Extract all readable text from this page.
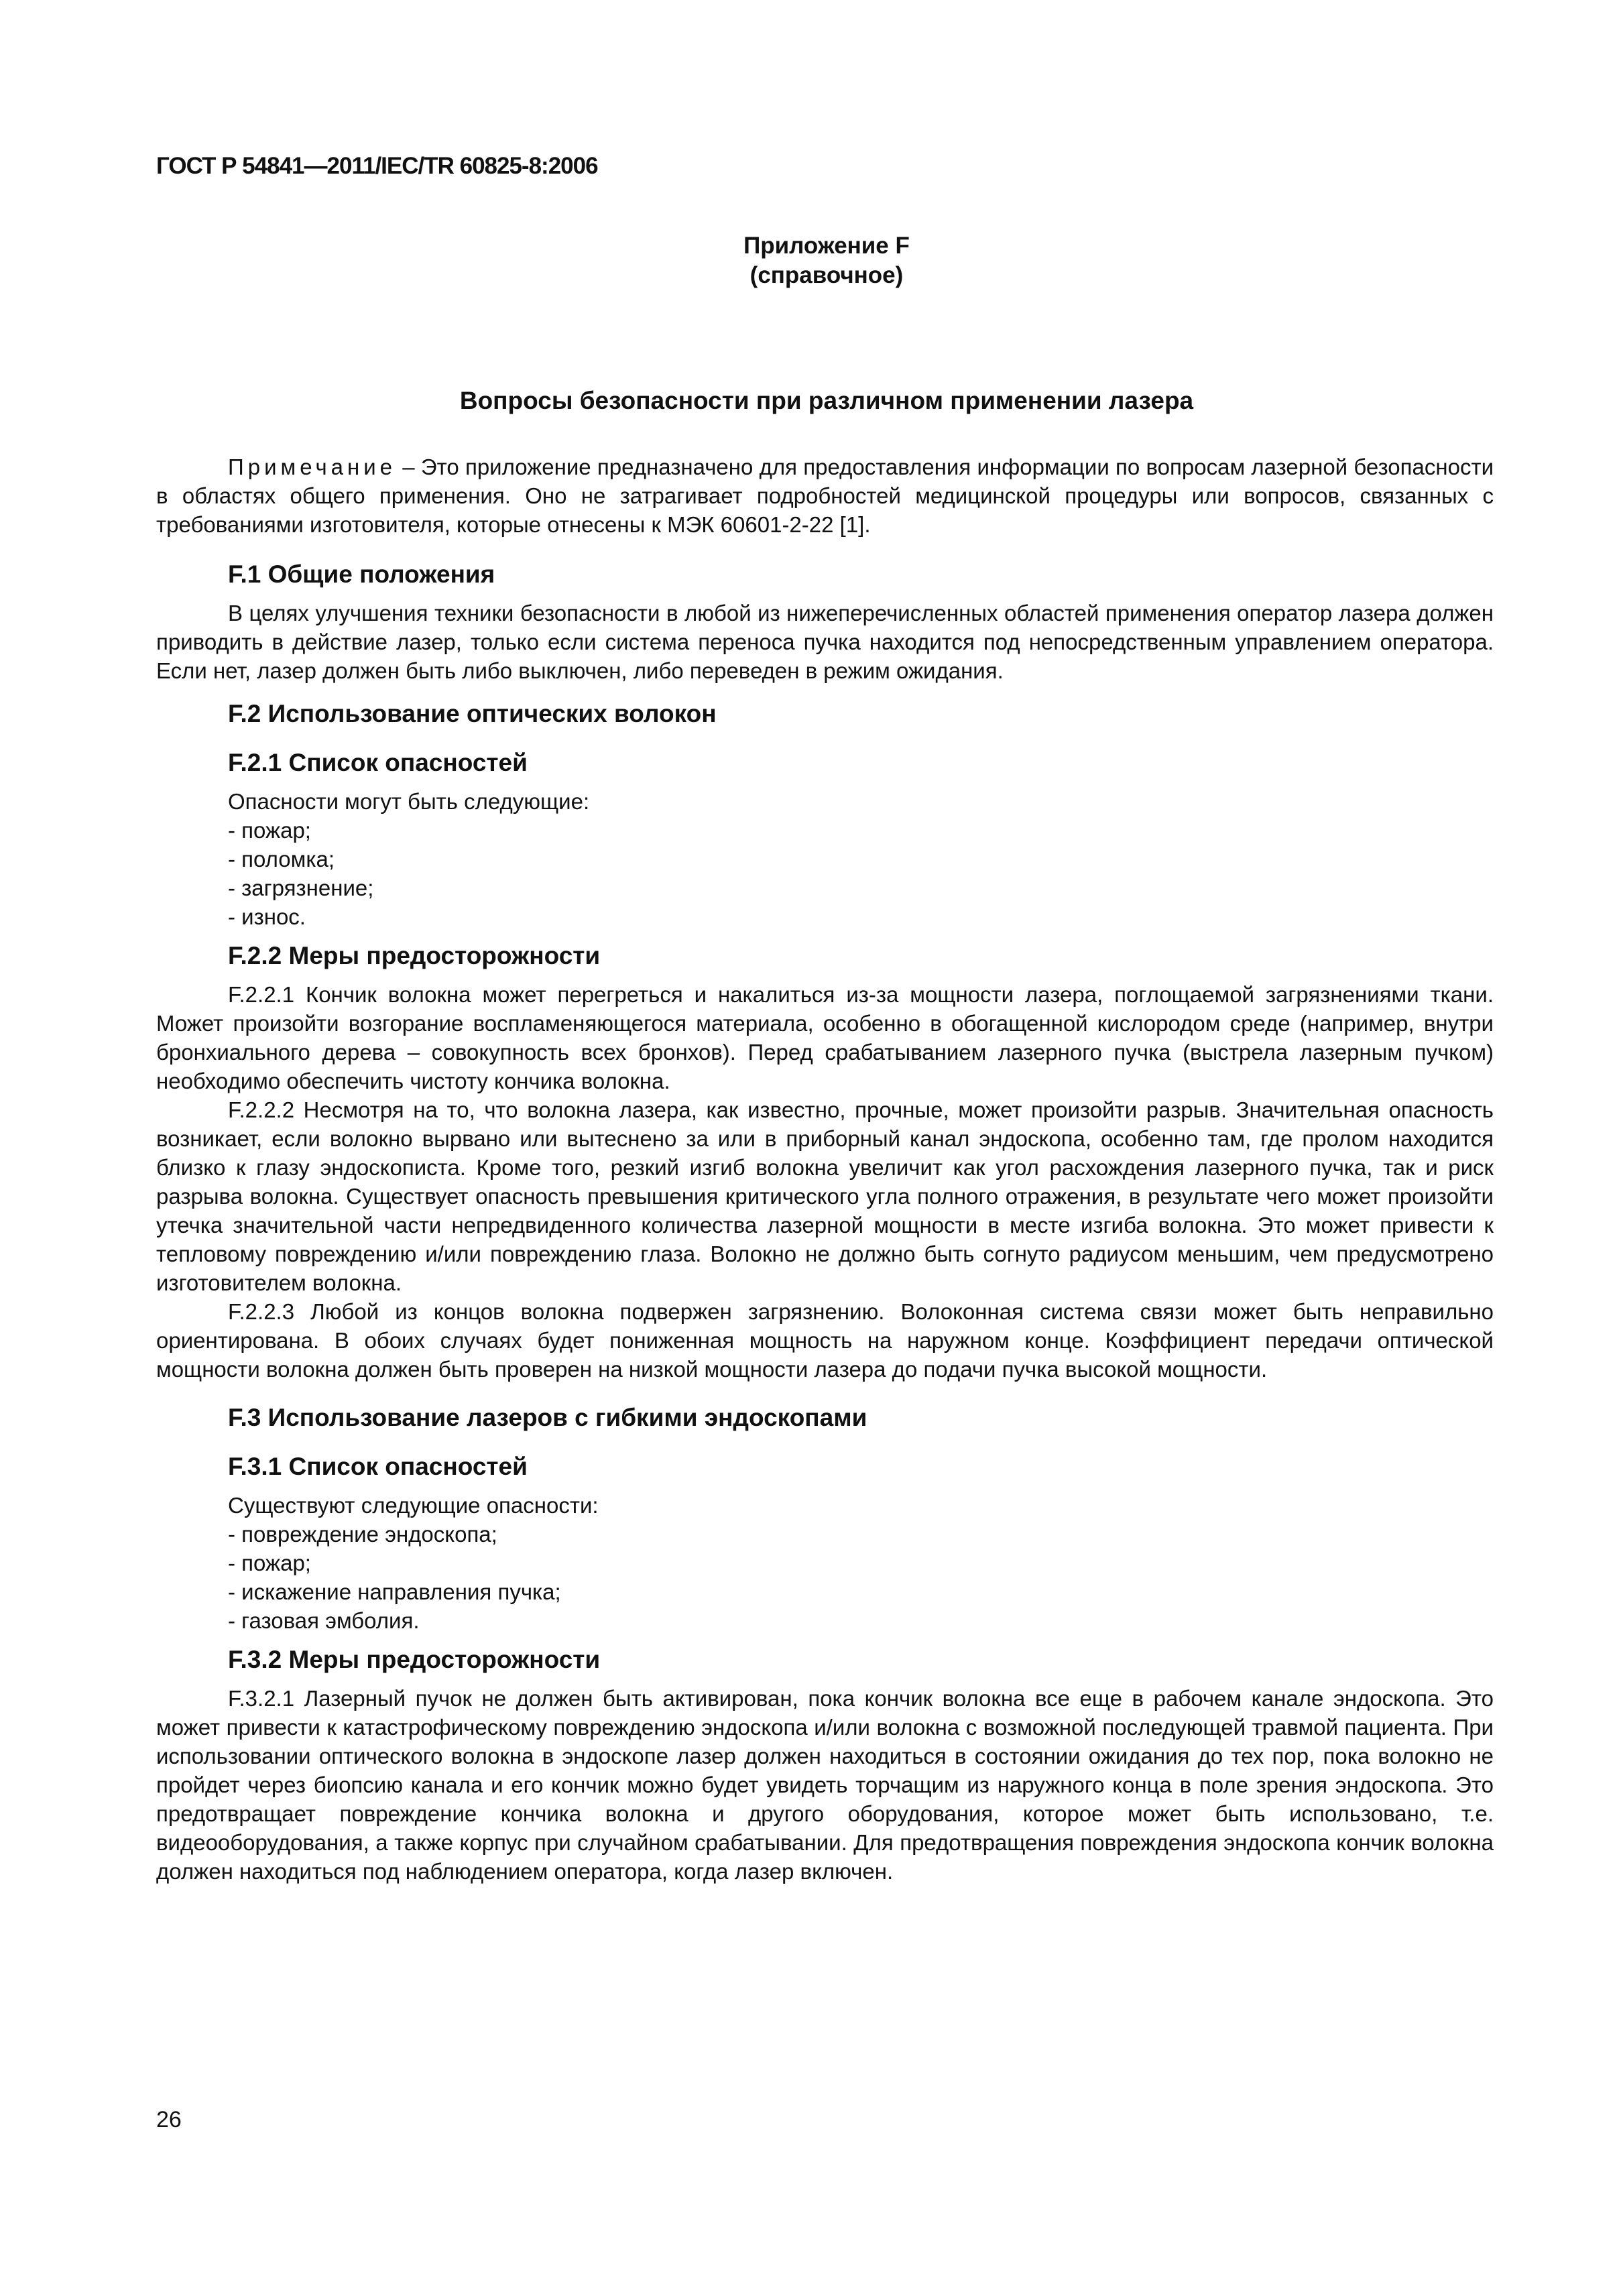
ГОСТ Р 54841—2011/IEC/TR 60825-8:2006
Приложение F
(справочное)
Вопросы безопасности при различном применении лазера

Примечание – Это приложение предназначено для предоставления информации по вопросам лазерной безопасности в областях общего применения. Оно не затрагивает подробностей медицинской процедуры или вопросов, связанных с требованиями изготовителя, которые отнесены к МЭК 60601-2-22 [1].

F.1 Общие положения

В целях улучшения техники безопасности в любой из нижеперечисленных областей применения оператор лазера должен приводить в действие лазер, только если система переноса пучка находится под непосредственным управлением оператора. Если нет, лазер должен быть либо выключен, либо переведен в режим ожидания.

F.2 Использование оптических волокон
F.2.1 Список опасностей
Опасности могут быть следующие:
- пожар;
- поломка;
- загрязнение;
- износ.
F.2.2 Меры предосторожности

F.2.2.1 Кончик волокна может перегреться и накалиться из-за мощности лазера, поглощаемой загрязнениями ткани. Может произойти возгорание воспламеняющегося материала, особенно в обогащенной кислородом среде (например, внутри бронхиального дерева – совокупность всех бронхов). Перед срабатыванием лазерного пучка (выстрела лазерным пучком) необходимо обеспечить чистоту кончика волокна.

F.2.2.2 Несмотря на то, что волокна лазера, как известно, прочные, может произойти разрыв. Значительная опасность возникает, если волокно вырвано или вытеснено за или в приборный канал эндоскопа, особенно там, где пролом находится близко к глазу эндоскописта. Кроме того, резкий изгиб волокна увеличит как угол расхождения лазерного пучка, так и риск разрыва волокна. Существует опасность превышения критического угла полного отражения, в результате чего может произойти утечка значительной части непредвиденного количества лазерной мощности в месте изгиба волокна. Это может привести к тепловому повреждению и/или повреждению глаза. Волокно не должно быть согнуто радиусом меньшим, чем предусмотрено изготовителем волокна.

F.2.2.3 Любой из концов волокна подвержен загрязнению. Волоконная система связи может быть неправильно ориентирована. В обоих случаях будет пониженная мощность на наружном конце. Коэффициент передачи оптической мощности волокна должен быть проверен на низкой мощности лазера до подачи пучка высокой мощности.

F.3 Использование лазеров с гибкими эндоскопами
F.3.1 Список опасностей
Существуют следующие опасности:
- повреждение эндоскопа;
- пожар;
- искажение направления пучка;
- газовая эмболия.
F.3.2 Меры предосторожности

F.3.2.1 Лазерный пучок не должен быть активирован, пока кончик волокна все еще в рабочем канале эндоскопа. Это может привести к катастрофическому повреждению эндоскопа и/или волокна с возможной последующей травмой пациента. При использовании оптического волокна в эндоскопе лазер должен находиться в состоянии ожидания до тех пор, пока волокно не пройдет через биопсию канала и его кончик можно будет увидеть торчащим из наружного конца в поле зрения эндоскопа. Это предотвращает повреждение кончика волокна и другого оборудования, которое может быть использовано, т.е. видеооборудования, а также корпус при случайном срабатывании. Для предотвращения повреждения эндоскопа кончик волокна должен находиться под наблюдением оператора, когда лазер включен.

26
